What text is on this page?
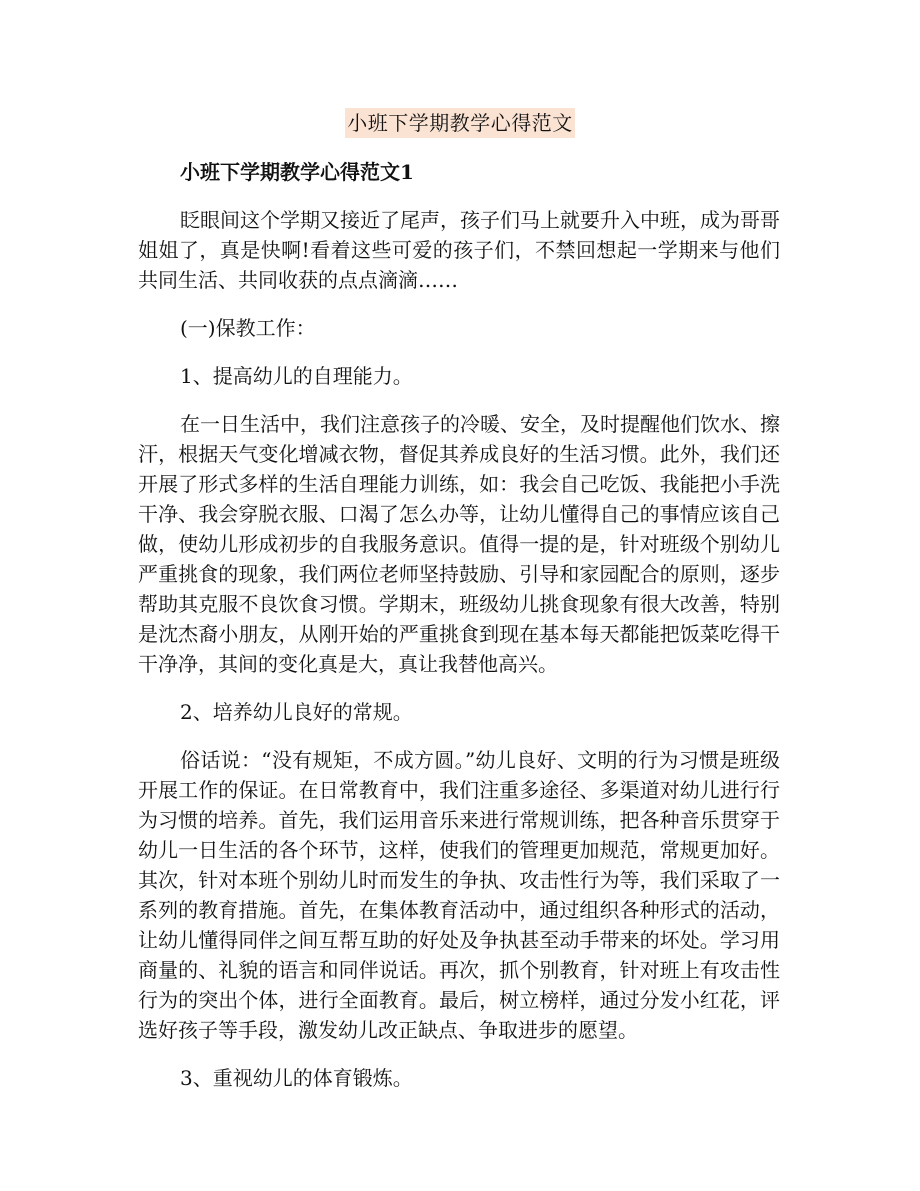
小班下学期教学心得范文

小班下学期教学心得范文1

眨眼间这个学期又接近了尾声，孩子们马上就要升入中班，成为哥哥姐姐了，真是快啊!看着这些可爱的孩子们，不禁回想起一学期来与他们共同生活、共同收获的点点滴滴……

(一)保教工作：

1、提高幼儿的自理能力。

在一日生活中，我们注意孩子的冷暖、安全，及时提醒他们饮水、擦汗，根据天气变化增减衣物，督促其养成良好的生活习惯。此外，我们还开展了形式多样的生活自理能力训练，如：我会自己吃饭、我能把小手洗干净、我会穿脱衣服、口渴了怎么办等，让幼儿懂得自己的事情应该自己做，使幼儿形成初步的自我服务意识。值得一提的是，针对班级个别幼儿严重挑食的现象，我们两位老师坚持鼓励、引导和家园配合的原则，逐步帮助其克服不良饮食习惯。学期末，班级幼儿挑食现象有很大改善，特别是沈杰裔小朋友，从刚开始的严重挑食到现在基本每天都能把饭菜吃得干干净净，其间的变化真是大，真让我替他高兴。

2、培养幼儿良好的常规。

俗话说：“没有规矩，不成方圆。”幼儿良好、文明的行为习惯是班级开展工作的保证。在日常教育中，我们注重多途径、多渠道对幼儿进行行为习惯的培养。首先，我们运用音乐来进行常规训练，把各种音乐贯穿于幼儿一日生活的各个环节，这样，使我们的管理更加规范，常规更加好。其次，针对本班个别幼儿时而发生的争执、攻击性行为等，我们采取了一系列的教育措施。首先，在集体教育活动中，通过组织各种形式的活动，让幼儿懂得同伴之间互帮互助的好处及争执甚至动手带来的坏处。学习用商量的、礼貌的语言和同伴说话。再次，抓个别教育，针对班上有攻击性行为的突出个体，进行全面教育。最后，树立榜样，通过分发小红花，评选好孩子等手段，激发幼儿改正缺点、争取进步的愿望。

3、重视幼儿的体育锻炼。
